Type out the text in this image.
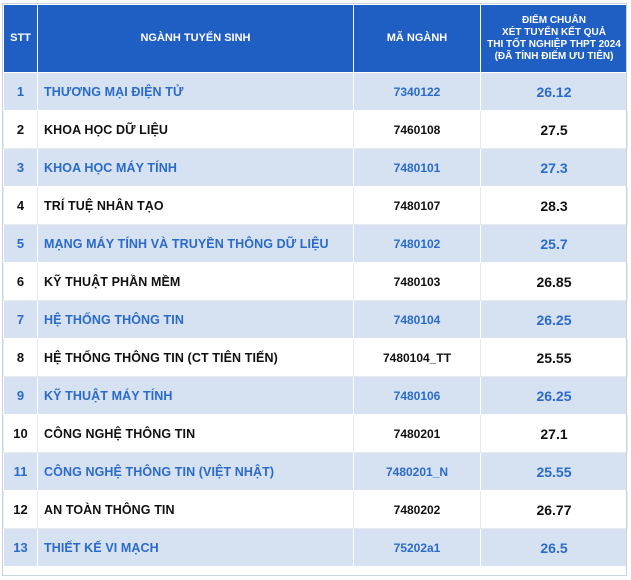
STT	NGÀNH TUYỂN SINH	MÃ NGÀNH	ĐIỂM CHUẨN
XÉT TUYỂN KẾT QUẢ
THI TỐT NGHIỆP THPT 2024
(ĐÃ TÍNH ĐIỂM ƯU TIÊN)

1	THƯƠNG MẠI ĐIỆN TỬ	7340122	26.12
2	KHOA HỌC DỮ LIỆU	7460108	27.5
3	KHOA HỌC MÁY TÍNH	7480101	27.3
4	TRÍ TUỆ NHÂN TẠO	7480107	28.3
5	MẠNG MÁY TÍNH VÀ TRUYỀN THÔNG DỮ LIỆU	7480102	25.7
6	KỸ THUẬT PHẦN MỀM	7480103	26.85
7	HỆ THỐNG THÔNG TIN	7480104	26.25
8	HỆ THỐNG THÔNG TIN (CT TIÊN TIẾN)	7480104_TT	25.55
9	KỸ THUẬT MÁY TÍNH	7480106	26.25
10	CÔNG NGHỆ THÔNG TIN	7480201	27.1
11	CÔNG NGHỆ THÔNG TIN (VIỆT NHẬT)	7480201_N	25.55
12	AN TOÀN THÔNG TIN	7480202	26.77
13	THIẾT KẾ VI MẠCH	75202a1	26.5
